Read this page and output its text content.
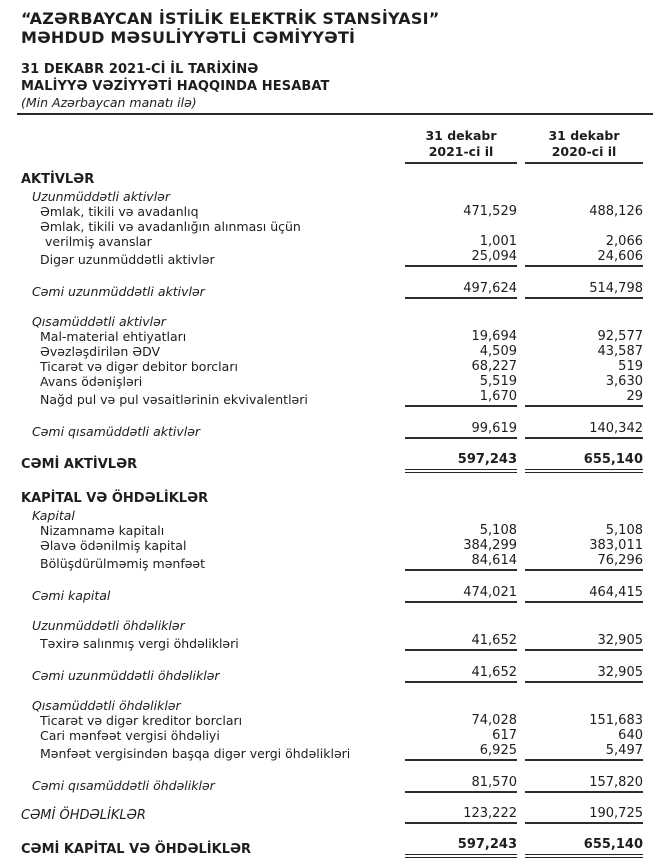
“AZƏRBAYCAN İSTİLİK ELEKTRİK STANSİYASI”
MƏHDUD MƏSULİYYƏTLİ CƏMİYYƏTİ
31 DEKABR 2021-Cİ İL TARİXİNƏ
MALİYYƏ VƏZİYYƏTİ HAQQINDA HESABAT
(Min Azərbaycan manatı ilə)
31 dekabr
2021-ci il
31 dekabr
2020-ci il
AKTİVLƏR
Uzunmüddətli aktivlər
Əmlak, tikili və avadanlıq	471,529	488,126
Əmlak, tikili və avadanlığın alınması üçün
verilmiş avanslar	1,001	2,066
Digər uzunmüddətli aktivlər	25,094	24,606
Cəmi uzunmüddətli aktivlər	497,624	514,798
Qısamüddətli aktivlər
Mal-material ehtiyatları	19,694	92,577
Əvəzləşdirilən ƏDV	4,509	43,587
Ticarət və digər debitor borcları	68,227	519
Avans ödənişləri	5,519	3,630
Nağd pul və pul vəsaitlərinin ekvivalentləri	1,670	29
Cəmi qısamüddətli aktivlər	99,619	140,342
CƏMİ AKTİVLƏR	597,243	655,140
KAPİTAL VƏ ÖHDƏLİKLƏR
Kapital
Nizamnamə kapitalı	5,108	5,108
Əlavə ödənilmiş kapital	384,299	383,011
Bölüşdürülməmiş mənfəət	84,614	76,296
Cəmi kapital	474,021	464,415
Uzunmüddətli öhdəliklər
Təxirə salınmış vergi öhdəlikləri	41,652	32,905
Cəmi uzunmüddətli öhdəliklər	41,652	32,905
Qısamüddətli öhdəliklər
Ticarət və digər kreditor borcları	74,028	151,683
Cari mənfəət vergisi öhdəliyi	617	640
Mənfəət vergisindən başqa digər vergi öhdəlikləri	6,925	5,497
Cəmi qısamüddətli öhdəliklər	81,570	157,820
CƏMİ ÖHDƏLİKLƏR	123,222	190,725
CƏMİ KAPİTAL VƏ ÖHDƏLİKLƏR	597,243	655,140
